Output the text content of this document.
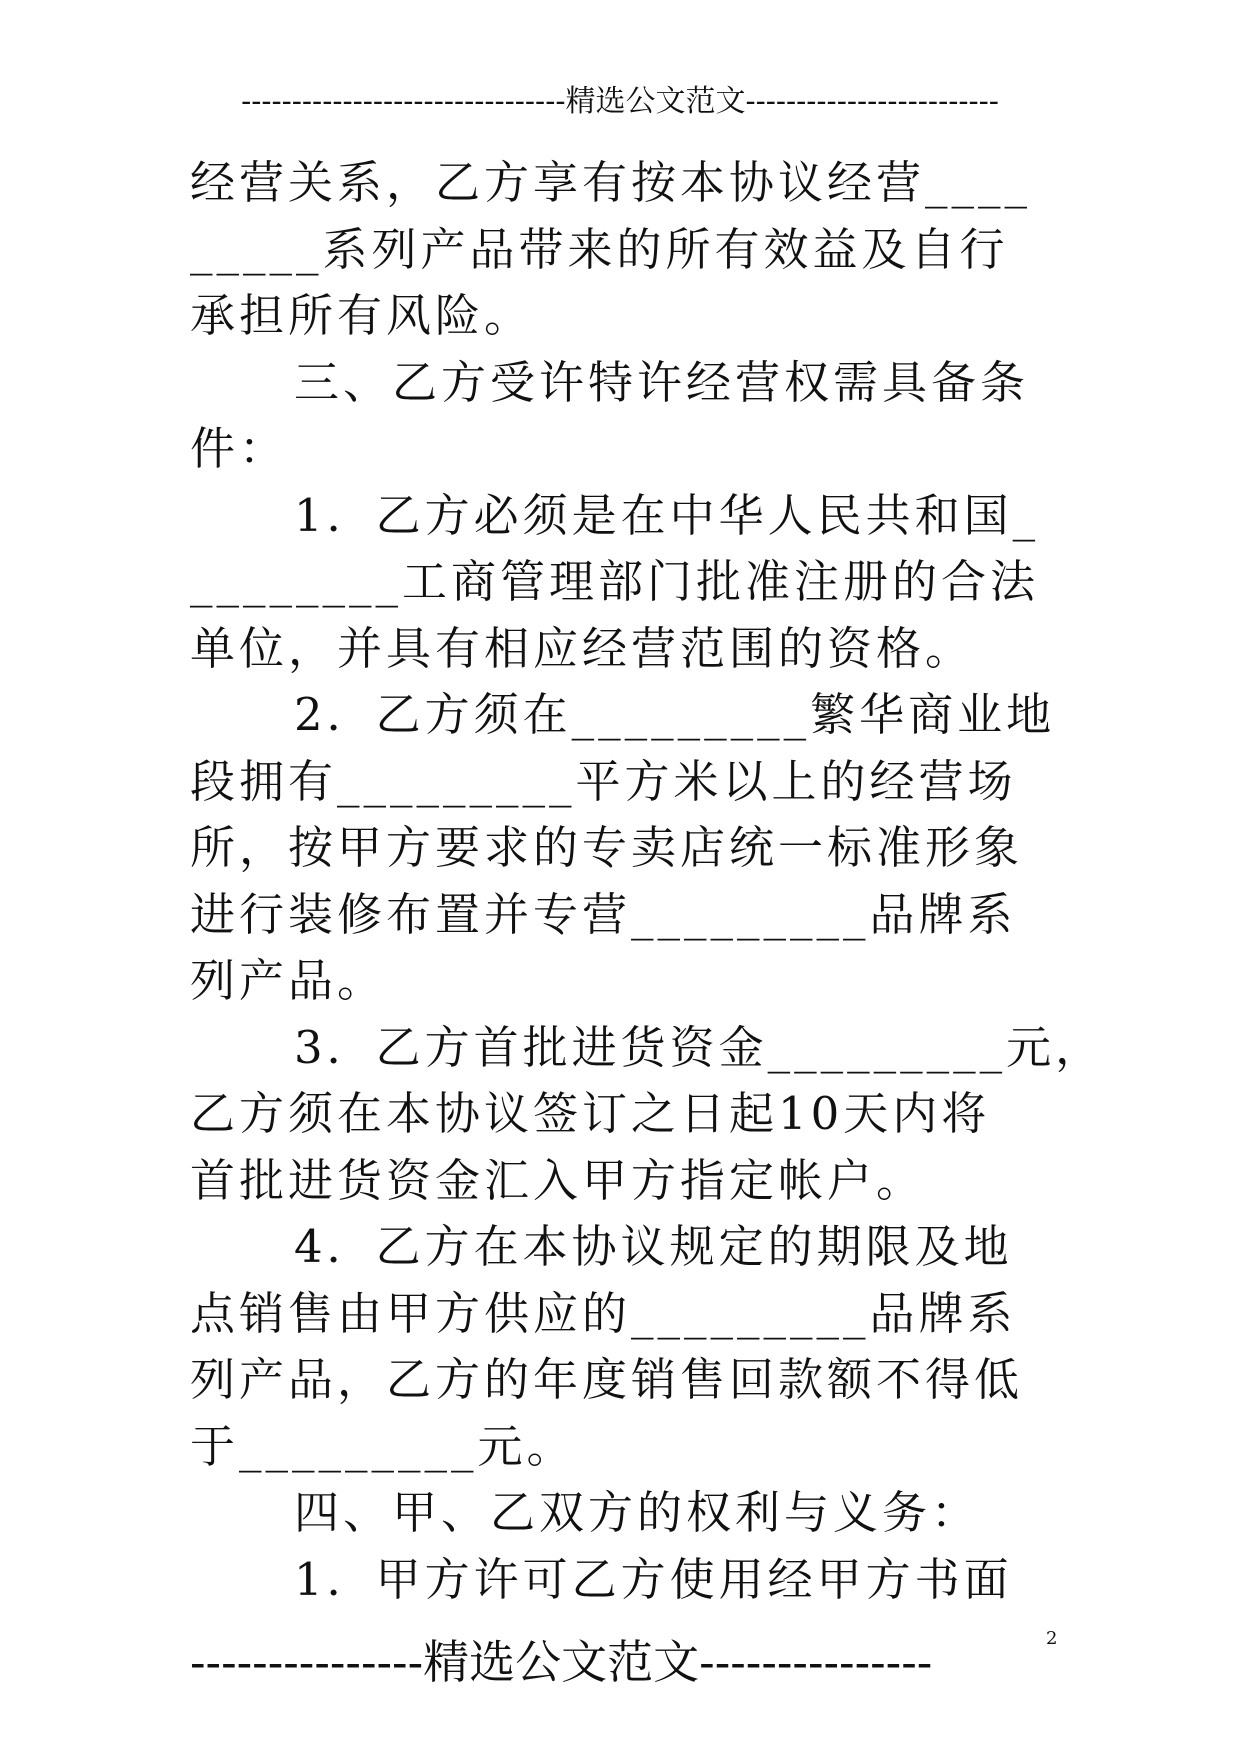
--------------------------------精选公文范文-------------------------
经营关系，乙方享有按本协议经营____
_____系列产品带来的所有效益及自行
承担所有风险。
三、乙方受许特许经营权需具备条
件：
1．乙方必须是在中华人民共和国_
________工商管理部门批准注册的合法
单位，并具有相应经营范围的资格。
2．乙方须在_________繁华商业地
段拥有_________平方米以上的经营场
所，按甲方要求的专卖店统一标准形象
进行装修布置并专营_________品牌系
列产品。
3．乙方首批进货资金_________元，
乙方须在本协议签订之日起10天内将
首批进货资金汇入甲方指定帐户。
4．乙方在本协议规定的期限及地
点销售由甲方供应的_________品牌系
列产品，乙方的年度销售回款额不得低
于_________元。
四、甲、乙双方的权利与义务：
1．甲方许可乙方使用经甲方书面
---------------精选公文范文---------------	2
